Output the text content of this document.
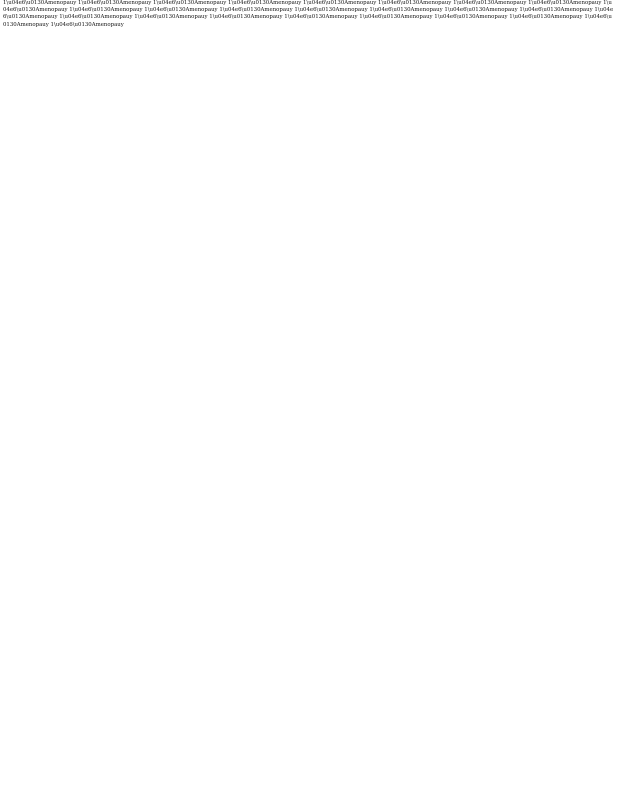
1\u04e6\u0130Amenopauy 1\u04e6\u0130Amenopauy 1\u04e6\u0130Amenopauy 1\u04e6\u0130Amenopauy 1\u04e6\u0130Amenopauy 1\u04e6\u0130Amenopauy 1\u04e6\u0130Amenopauy 1\u04e6\u0130Amenopauy 1\u04e6\u0130Amenopauy 1\u04e6\u0130Amenopauy 1\u04e6\u0130Amenopauy 1\u04e6\u0130Amenopauy 1\u04e6\u0130Amenopauy 1\u04e6\u0130Amenopauy 1\u04e6\u0130Amenopauy 1\u04e6\u0130Amenopauy 1\u04e6\u0130Amenopauy 1\u04e6\u0130Amenopauy 1\u04e6\u0130Amenopauy 1\u04e6\u0130Amenopauy 1\u04e6\u0130Amenopauy 1\u04e6\u0130Amenopauy 1\u04e6\u0130Amenopauy 1\u04e6\u0130Amenopauy 1\u04e6\u0130Amenopauy 1\u04e6\u0130Amenopauy
